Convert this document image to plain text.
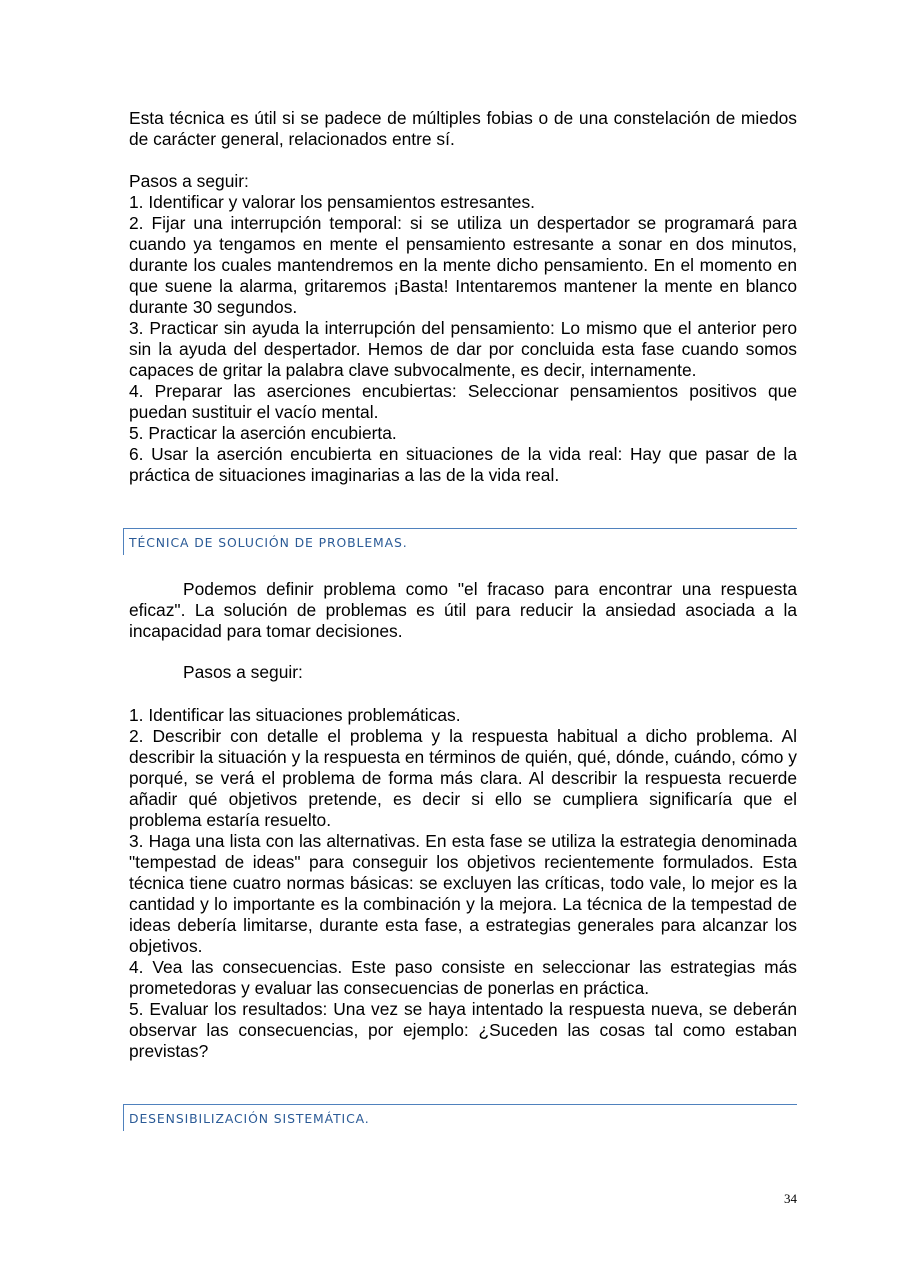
Esta técnica es útil si se padece de múltiples fobias o de una constelación de miedos de carácter general, relacionados entre sí.

Pasos a seguir:

1. Identificar y valorar los pensamientos estresantes.

2. Fijar una interrupción temporal: si se utiliza un despertador se programará para cuando ya tengamos en mente el pensamiento estresante a sonar en dos minutos, durante los cuales mantendremos en la mente dicho pensamiento. En el momento en que suene la alarma, gritaremos ¡Basta! Intentaremos mantener la mente en blanco durante 30 segundos.

3. Practicar sin ayuda la interrupción del pensamiento: Lo mismo que el anterior pero sin la ayuda del despertador. Hemos de dar por concluida esta fase cuando somos capaces de gritar la palabra clave subvocalmente, es decir, internamente.

4. Preparar las aserciones encubiertas: Seleccionar pensamientos positivos que puedan sustituir el vacío mental.

5. Practicar la aserción encubierta.

6. Usar la aserción encubierta en situaciones de la vida real: Hay que pasar de la práctica de situaciones imaginarias a las de la vida real.

TÉCNICA DE SOLUCIÓN DE PROBLEMAS.

Podemos definir problema como "el fracaso para encontrar una respuesta eficaz". La solución de problemas es útil para reducir la ansiedad asociada a la incapacidad para tomar decisiones.

Pasos a seguir:

1. Identificar las situaciones problemáticas.

2. Describir con detalle el problema y la respuesta habitual a dicho problema. Al describir la situación y la respuesta en términos de quién, qué, dónde, cuándo, cómo y porqué, se verá el problema de forma más clara. Al describir la respuesta recuerde añadir qué objetivos pretende, es decir si ello se cumpliera significaría que el problema estaría resuelto.

3. Haga una lista con las alternativas. En esta fase se utiliza la estrategia denominada "tempestad de ideas" para conseguir los objetivos recientemente formulados. Esta técnica tiene cuatro normas básicas: se excluyen las críticas, todo vale, lo mejor es la cantidad y lo importante es la combinación y la mejora. La técnica de la tempestad de ideas debería limitarse, durante esta fase, a estrategias generales para alcanzar los objetivos.

4. Vea las consecuencias. Este paso consiste en seleccionar las estrategias más prometedoras y evaluar las consecuencias de ponerlas en práctica.

5. Evaluar los resultados: Una vez se haya intentado la respuesta nueva, se deberán observar las consecuencias, por ejemplo: ¿Suceden las cosas tal como estaban previstas?

DESENSIBILIZACIÓN SISTEMÁTICA.
34
